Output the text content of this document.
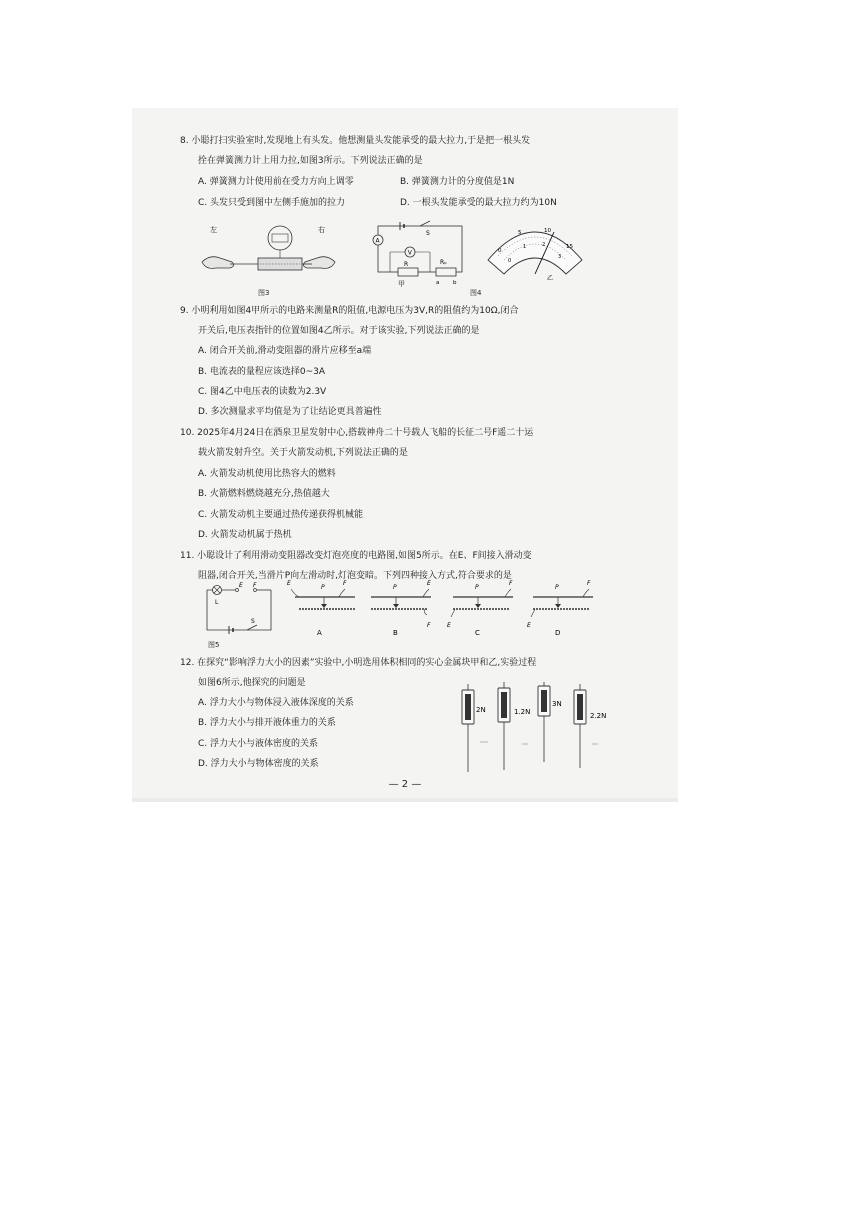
8. 小聪打扫实验室时,发现地上有头发。他想测量头发能承受的最大拉力,于是把一根头发
拴在弹簧测力计上用力拉,如图3所示。下列说法正确的是
A. 弹簧测力计使用前在受力方向上调零	B. 弹簧测力计的分度值是1N
C. 头发只受到图中左侧手施加的拉力	D. 一根头发能承受的最大拉力约为10N
左	右
图3
S
A
V
R	Rₚ
a b
甲
图4
0
5	10
15
0
1	2
3
乙
9. 小明利用如图4甲所示的电路来测量R的阻值,电源电压为3V,R的阻值约为10Ω,闭合
开关后,电压表指针的位置如图4乙所示。对于该实验,下列说法正确的是
A. 闭合开关前,滑动变阻器的滑片应移至a端
B. 电流表的量程应该选择0~3A
C. 图4乙中电压表的读数为2.3V
D. 多次测量求平均值是为了让结论更具普遍性
10. 2025年4月24日在酒泉卫星发射中心,搭载神舟二十号载人飞船的长征二号F遥二十运
载火箭发射升空。关于火箭发动机,下列说法正确的是
A. 火箭发动机使用比热容大的燃料
B. 火箭燃料燃烧越充分,热值越大
C. 火箭发动机主要通过热传递获得机械能
D. 火箭发动机属于热机
11. 小聪设计了利用滑动变阻器改变灯泡亮度的电路图,如图5所示。在E、F间接入滑动变
阻器,闭合开关,当滑片P向左滑动时,灯泡变暗。下列四种接入方式,符合要求的是
L
E F
S
图5
E	F
P
A
E
F
P
B
F
E
P
C
F
E
P
D
12. 在探究“影响浮力大小的因素”实验中,小明选用体积相同的实心金属块甲和乙,实验过程
如图6所示,他探究的问题是
A. 浮力大小与物体浸入液体深度的关系
B. 浮力大小与排开液体重力的关系
C. 浮力大小与液体密度的关系
D. 浮力大小与物体密度的关系
2N	1.2N
3N
2.2N
— 2 —
